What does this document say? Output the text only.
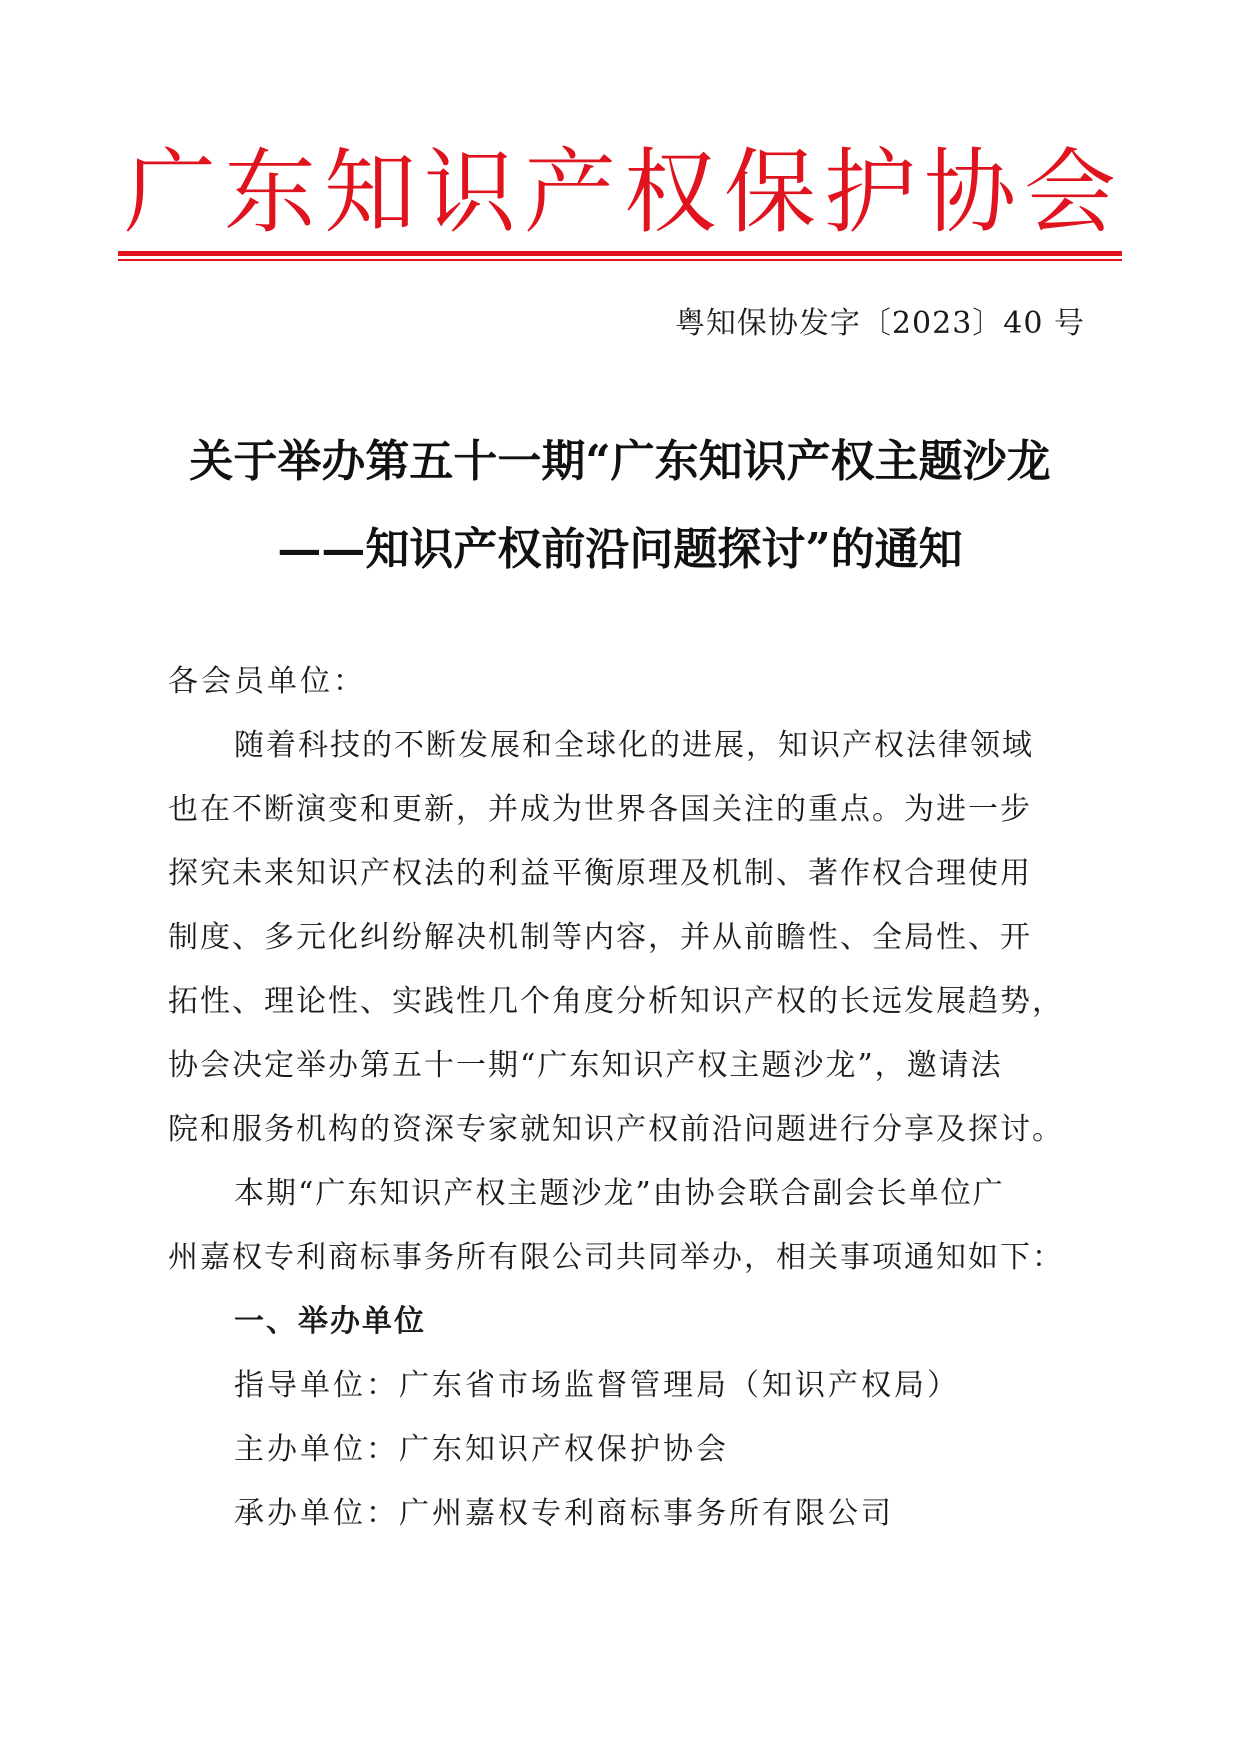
广 东 知 识 产 权 保 护 协 会
粤知保协发字〔2023〕40 号
关于举办第五十一期“广东知识产权主题沙龙
——知识产权前沿问题探讨”的通知
各会员单位：
随着科技的不断发展和全球化的进展，知识产权法律领域
也在不断演变和更新，并成为世界各国关注的重点。为进一步
探究未来知识产权法的利益平衡原理及机制、著作权合理使用
制度、多元化纠纷解决机制等内容，并从前瞻性、全局性、开
拓性、理论性、实践性几个角度分析知识产权的长远发展趋势，
协会决定举办第五十一期“广东知识产权主题沙龙”，邀请法
院和服务机构的资深专家就知识产权前沿问题进行分享及探讨。
本期“广东知识产权主题沙龙”由协会联合副会长单位广
州嘉权专利商标事务所有限公司共同举办，相关事项通知如下：
一、举办单位
指导单位：广东省市场监督管理局（知识产权局）
主办单位：广东知识产权保护协会
承办单位：广州嘉权专利商标事务所有限公司
